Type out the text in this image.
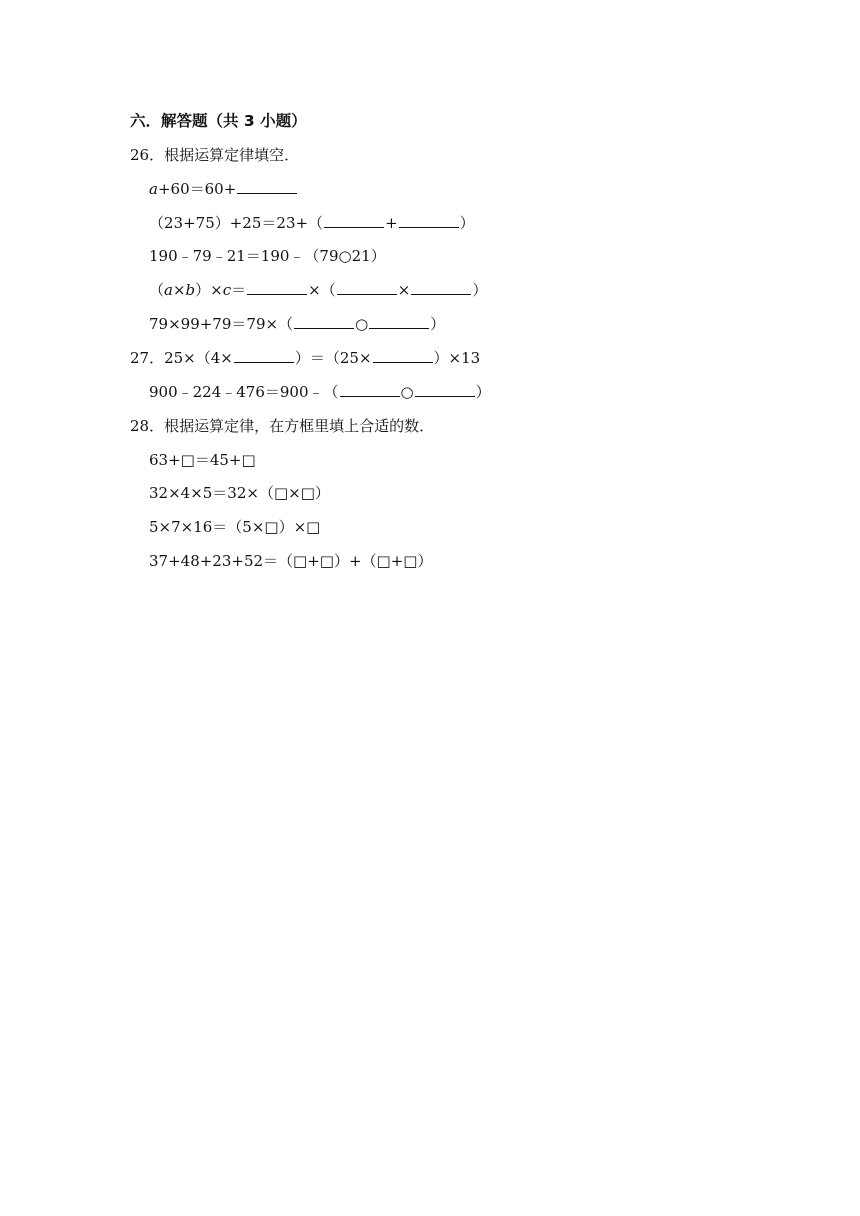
六．解答题（共 3 小题）
26．根据运算定律填空．
a+60＝60+
（23+75）+25＝23+（	+	）
190﹣79﹣21＝190﹣（79○21）
（a×b）×c＝	×（	×	）
79×99+79＝79×（	○	）
27．25×（4×	）＝（25×	）×13
900﹣224﹣476＝900﹣（	○	）
28．根据运算定律，在方框里填上合适的数．
63+□＝45+□
32×4×5＝32×（□×□）
5×7×16＝（5×□）×□
37+48+23+52＝（□+□）+（□+□）
